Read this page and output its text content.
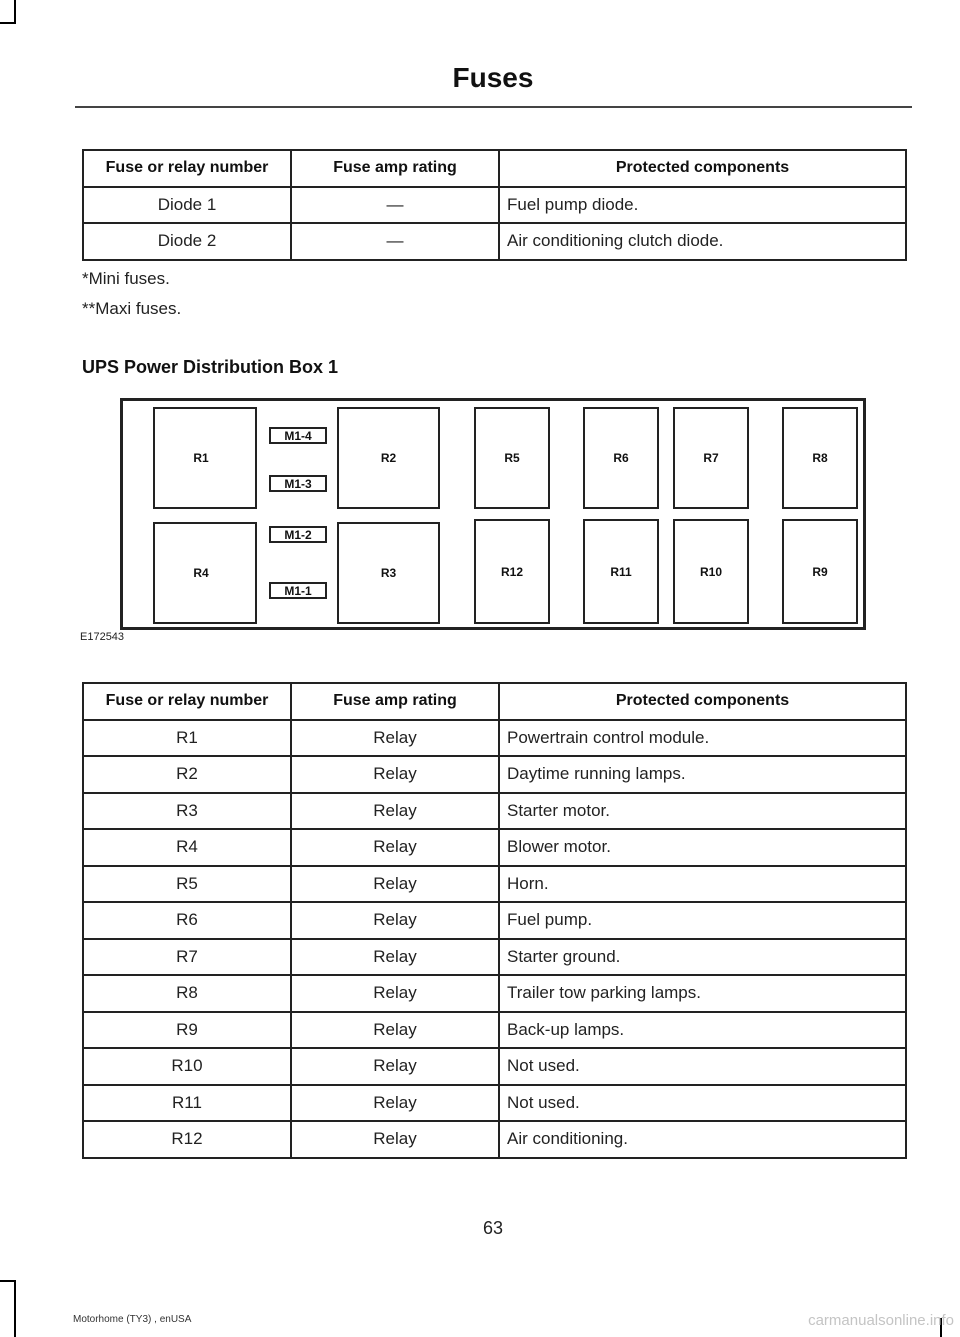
Fuses
Fuse or relay number	Fuse amp rating	Protected components
Diode 1	—	Fuel pump diode.
Diode 2	—	Air conditioning clutch diode.
*Mini fuses.
**Maxi fuses.
UPS Power Distribution Box 1
R1
R4
M1-4
M1-3
M1-2
M1-1
R2
R3
R5
R12
R6
R11
R7
R10
R8
R9
E172543
Fuse or relay number	Fuse amp rating	Protected components
R1	Relay	Powertrain control module.
R2	Relay	Daytime running lamps.
R3	Relay	Starter motor.
R4	Relay	Blower motor.
R5	Relay	Horn.
R6	Relay	Fuel pump.
R7	Relay	Starter ground.
R8	Relay	Trailer tow parking lamps.
R9	Relay	Back-up lamps.
R10	Relay	Not used.
R11	Relay	Not used.
R12	Relay	Air conditioning.
63
Motorhome (TY3) , enUSA	carmanualsonline.info
